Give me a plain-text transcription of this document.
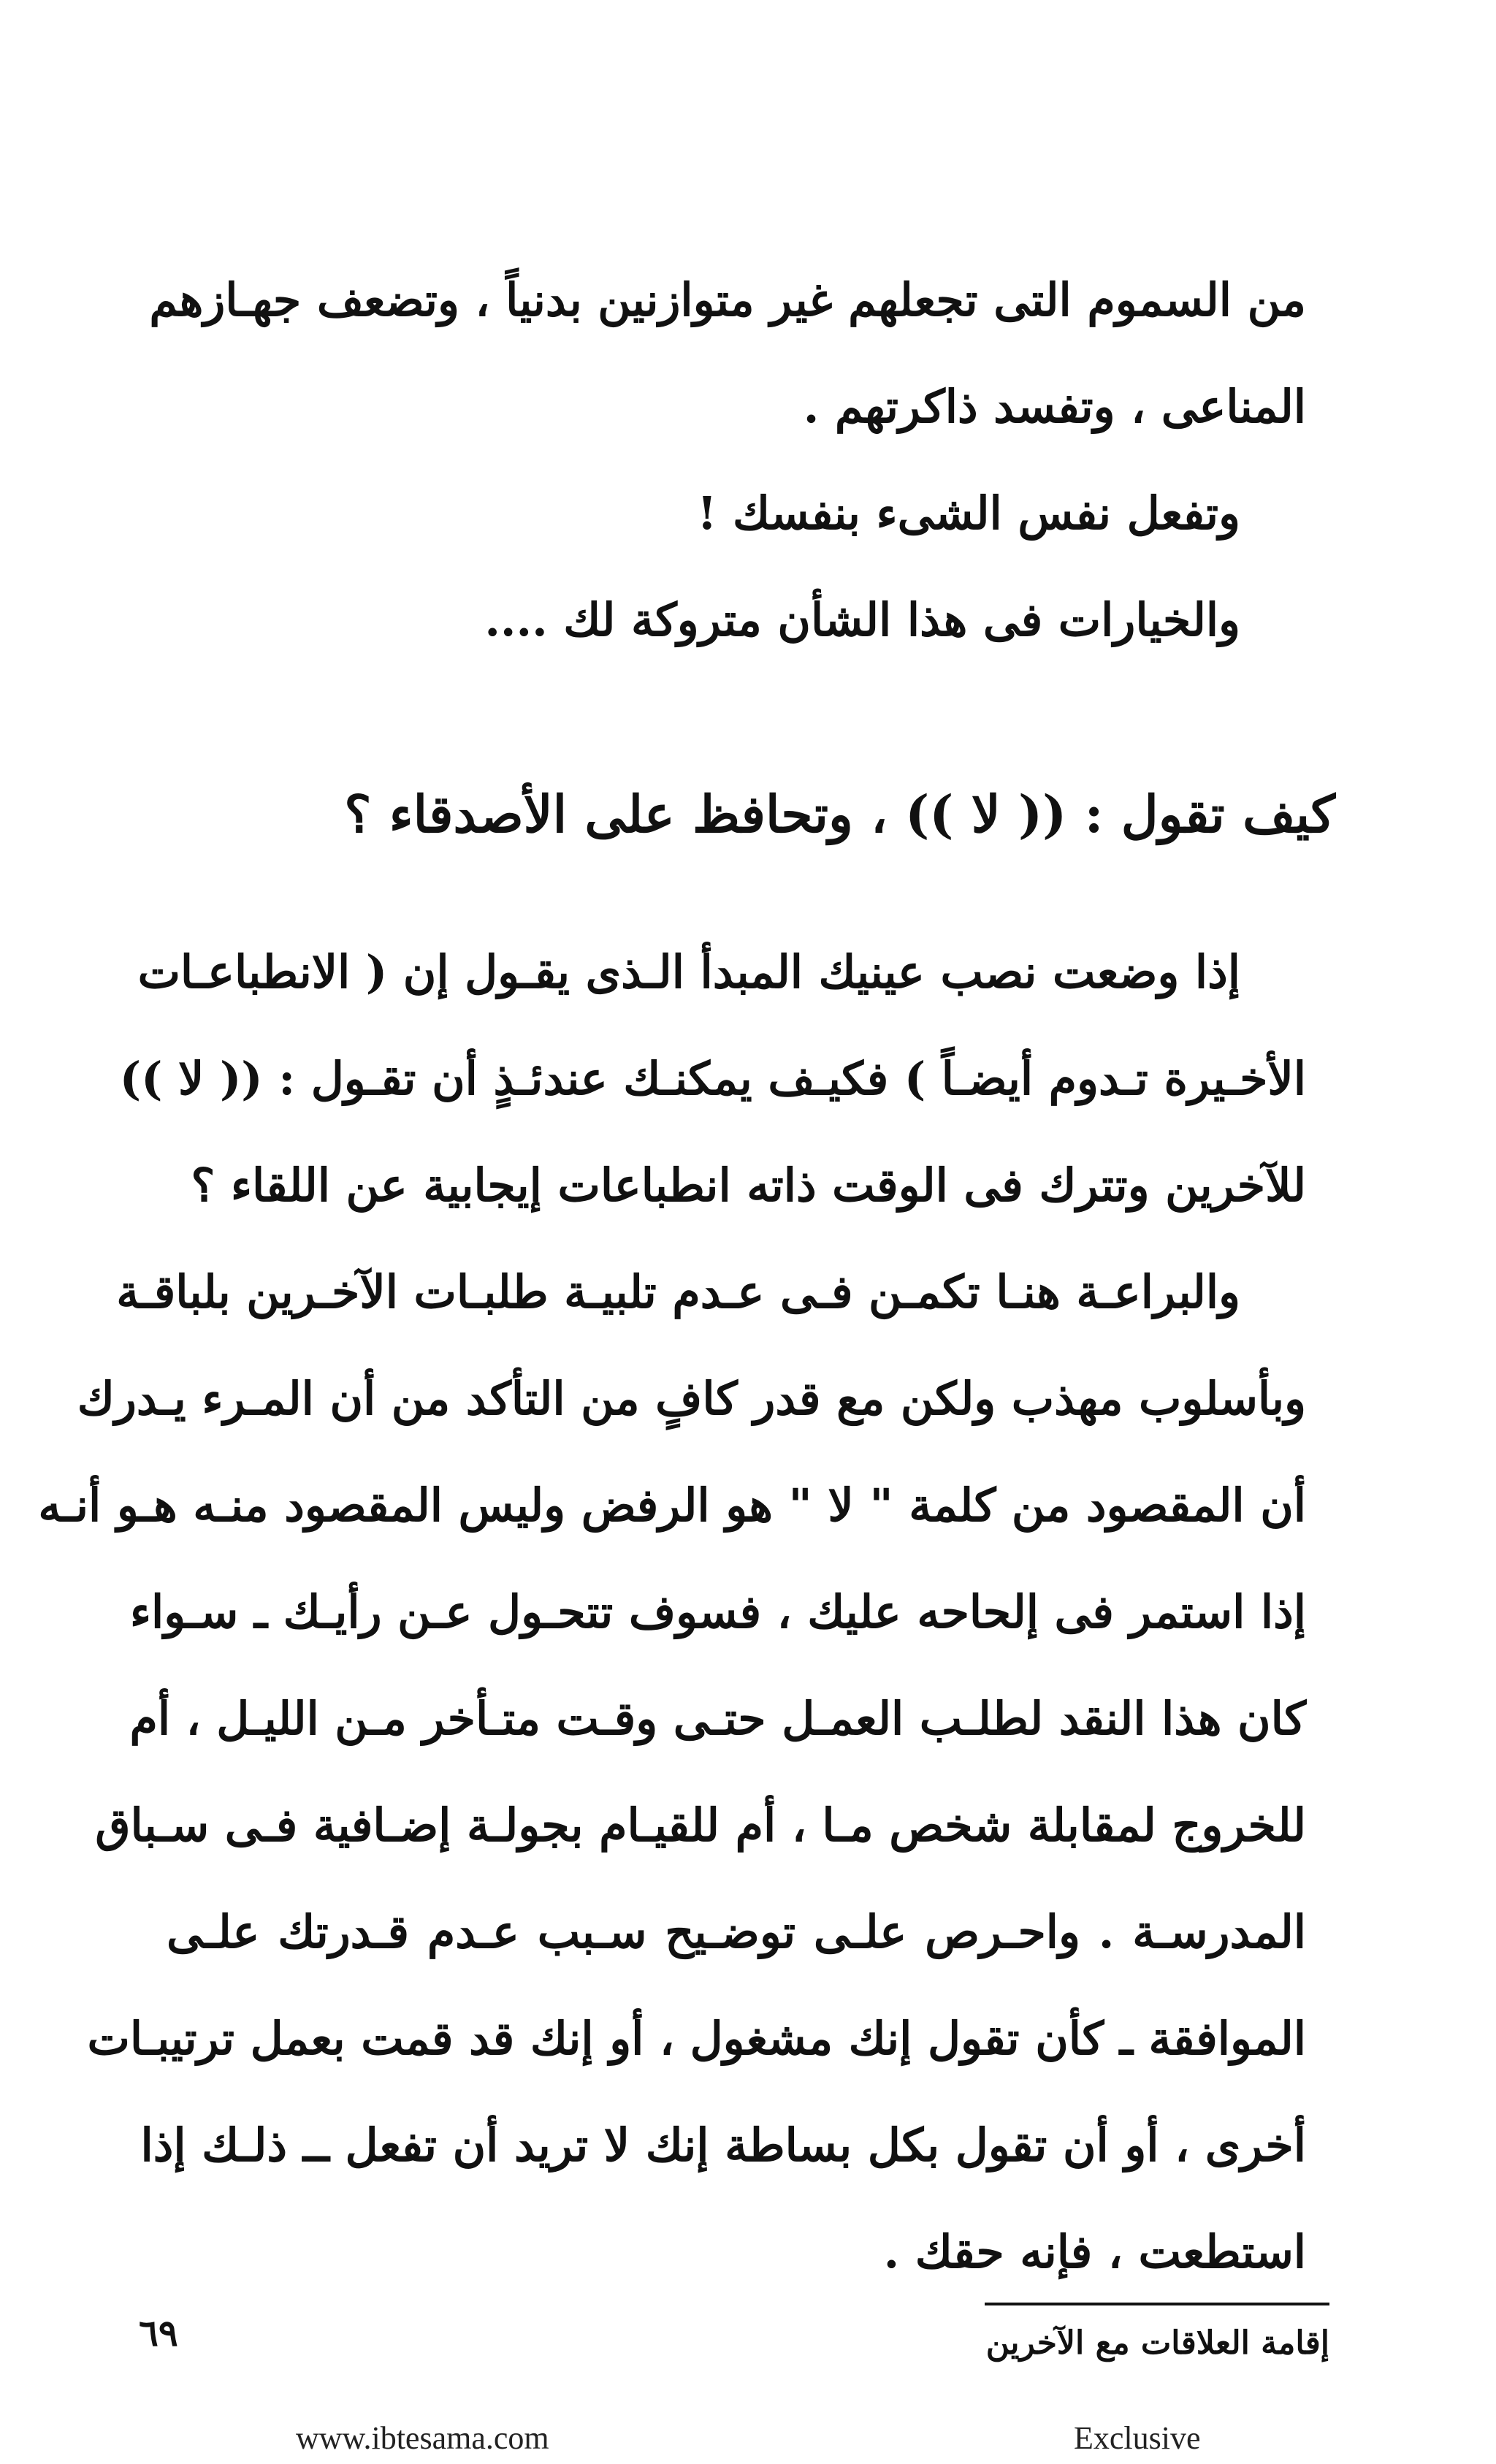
من السموم التى تجعلهم غير متوازنين بدنياً ، وتضعف جهـازهم
المناعى ، وتفسد ذاكرتهم .
وتفعل نفس الشىء بنفسك !
والخيارات فى هذا الشأن متروكة لك ....
كيف تقول : (( لا )) ، وتحافظ على الأصدقاء ؟
إذا وضعت نصب عينيك المبدأ الـذى يقـول إن ( الانطباعـات
الأخـيرة تـدوم أيضـاً ) فكيـف يمكنـك عندئـذٍ أن تقـول : (( لا ))
للآخرين وتترك فى الوقت ذاته انطباعات إيجابية عن اللقاء ؟
والبراعـة هنـا تكمـن فـى عـدم تلبيـة طلبـات الآخـرين بلباقـة
وبأسلوب مهذب ولكن مع قدر كافٍ من التأكد من أن المـرء يـدرك
أن المقصود من كلمة " لا " هو الرفض وليس المقصود منـه هـو أنـه
إذا استمر فى إلحاحه عليك ، فسوف تتحـول عـن رأيـك ـ سـواء
كان هذا النقد لطلـب العمـل حتـى وقـت متـأخر مـن الليـل ، أم
للخروج لمقابلة شخص مـا ، أم للقيـام بجولـة إضـافية فـى سـباق
المدرسـة . واحـرص علـى توضـيح سـبب عـدم قـدرتك علـى
الموافقة ـ كأن تقول إنك مشغول ، أو إنك قد قمت بعمل ترتيبـات
أخرى ، أو أن تقول بكل بساطة إنك لا تريد أن تفعل ــ ذلـك إذا
استطعت ، فإنه حقك .
إقامة العلاقات مع الآخرين
٦٩
www.ibtesama.com	Exclusive
